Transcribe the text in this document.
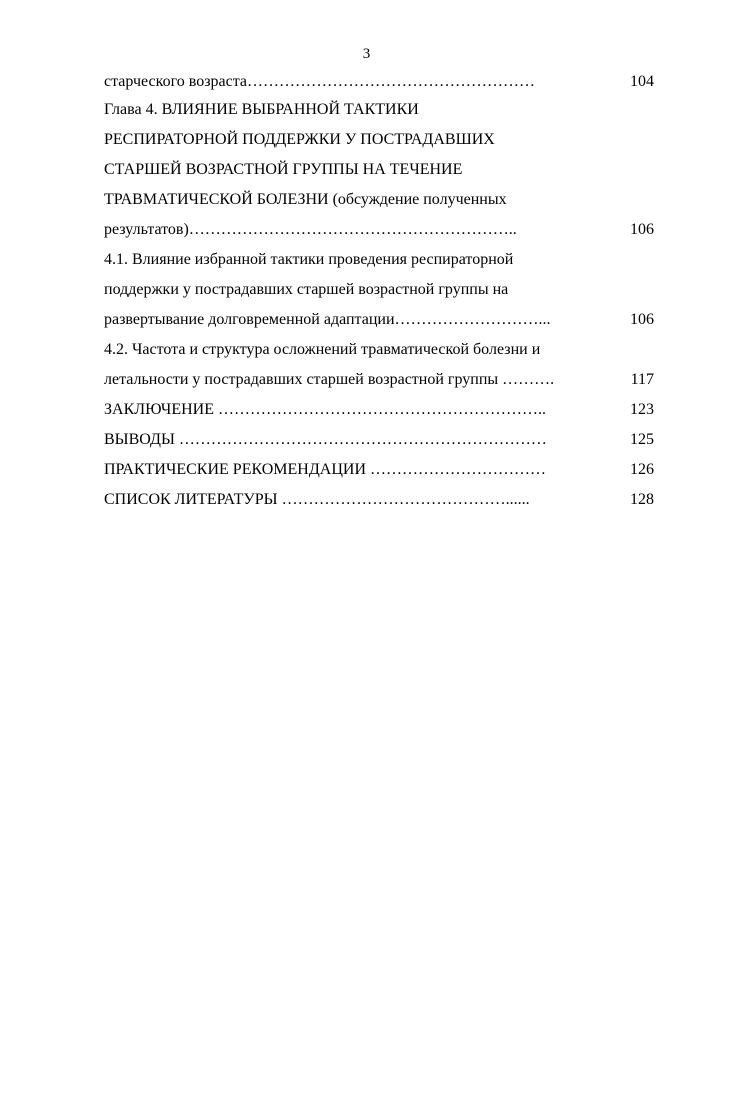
3
старческого возраста………………………………………………	104
Глава 4. ВЛИЯНИЕ ВЫБРАННОЙ ТАКТИКИ
РЕСПИРАТОРНОЙ ПОДДЕРЖКИ У ПОСТРАДАВШИХ
СТАРШЕЙ ВОЗРАСТНОЙ ГРУППЫ НА ТЕЧЕНИЕ
ТРАВМАТИЧЕСКОЙ БОЛЕЗНИ (обсуждение полученных
результатов)……………………………………………………..	106
4.1. Влияние избранной тактики проведения респираторной
поддержки у пострадавших старшей возрастной группы на
развертывание долговременной адаптации………………………...	106
4.2. Частота и структура осложнений травматической болезни и
летальности у пострадавших старшей возрастной группы ……….	117
ЗАКЛЮЧЕНИЕ ……………………………………………………..	123
ВЫВОДЫ ……………………………………………………………	125
ПРАКТИЧЕСКИЕ РЕКОМЕНДАЦИИ ……………………………	126
СПИСОК ЛИТЕРАТУРЫ ……………………………………......	128
